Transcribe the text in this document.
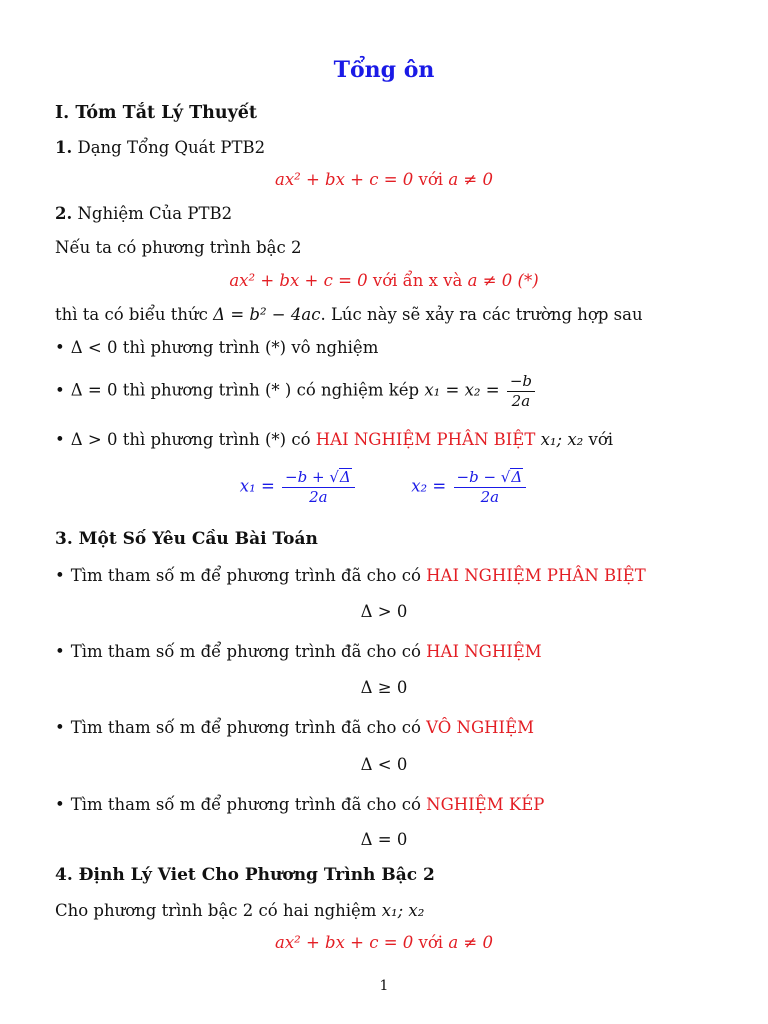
Tổng ôn
I. Tóm Tắt Lý Thuyết
1. Dạng Tổng Quát PTB2
ax² + bx + c = 0 với a ≠ 0
2. Nghiệm Của PTB2
Nếu ta có phương trình bậc 2
ax² + bx + c = 0 với ẩn x và a ≠ 0 (*)
thì ta có biểu thức Δ = b² − 4ac. Lúc này sẽ xảy ra các trường hợp sau
• Δ < 0 thì phương trình (*) vô nghiệm
• Δ = 0 thì phương trình (* ) có nghiệm kép $x_1 = x_2 = \frac{-b}{2a}$
• Δ > 0 thì phương trình (*) có HAI NGHIỆM PHÂN BIỆT x₁; x₂ với
$x_1 = \frac{-b + √\Delta}{2a}$	$x_2 = \frac{-b - √\Delta}{2a}$
3. Một Số Yêu Cầu Bài Toán
• Tìm tham số m để phương trình đã cho có HAI NGHIỆM PHÂN BIỆT
Δ > 0
• Tìm tham số m để phương trình đã cho có HAI NGHIỆM
Δ ≥ 0
• Tìm tham số m để phương trình đã cho có VÔ NGHIỆM
Δ < 0
• Tìm tham số m để phương trình đã cho có NGHIỆM KÉP
Δ = 0
4. Định Lý Viet Cho Phương Trình Bậc 2
Cho phương trình bậc 2 có hai nghiệm x₁; x₂
ax² + bx + c = 0 với a ≠ 0
1
